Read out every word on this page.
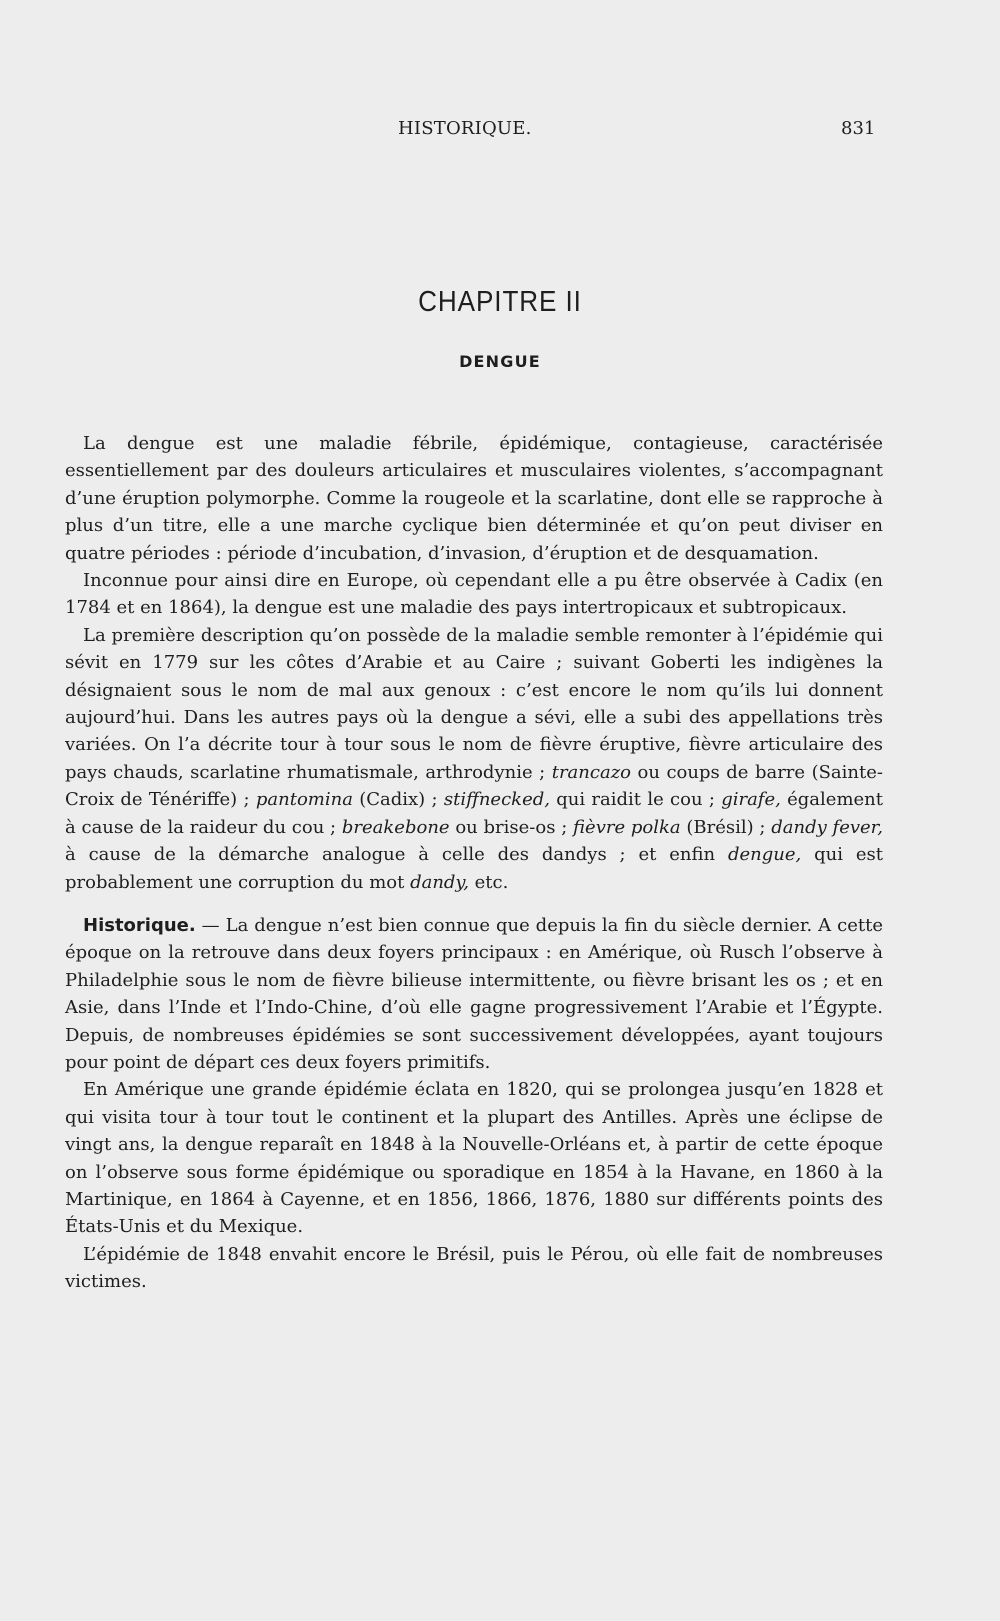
HISTORIQUE.	831
CHAPITRE II
DENGUE

La dengue est une maladie fébrile, épidémique, contagieuse, caractérisée essentiellement par des douleurs articulaires et musculaires violentes, s’accompagnant d’une éruption polymorphe. Comme la rougeole et la scarlatine, dont elle se rapproche à plus d’un titre, elle a une marche cyclique bien déterminée et qu’on peut diviser en quatre périodes : période d’incubation, d’invasion, d’éruption et de desquamation.

Inconnue pour ainsi dire en Europe, où cependant elle a pu être observée à Cadix (en 1784 et en 1864), la dengue est une maladie des pays intertropicaux et subtropicaux.

La première description qu’on possède de la maladie semble remonter à l’épidémie qui sévit en 1779 sur les côtes d’Arabie et au Caire ; suivant Goberti les indigènes la désignaient sous le nom de mal aux genoux : c’est encore le nom qu’ils lui donnent aujourd’hui. Dans les autres pays où la dengue a sévi, elle a subi des appellations très variées. On l’a décrite tour à tour sous le nom de fièvre éruptive, fièvre articulaire des pays chauds, scarlatine rhumatismale, arthrodynie ; trancazo ou coups de barre (Sainte-Croix de Ténériffe) ; pantomina (Cadix) ; stiffnecked, qui raidit le cou ; girafe, également à cause de la raideur du cou ; breakebone ou brise-os ; fièvre polka (Brésil) ; dandy fever, à cause de la démarche analogue à celle des dandys ; et enfin dengue, qui est probablement une corruption du mot dandy, etc.

Historique. — La dengue n’est bien connue que depuis la fin du siècle dernier. A cette époque on la retrouve dans deux foyers principaux : en Amérique, où Rusch l’observe à Philadelphie sous le nom de fièvre bilieuse intermittente, ou fièvre brisant les os ; et en Asie, dans l’Inde et l’Indo-Chine, d’où elle gagne progressivement l’Arabie et l’Égypte. Depuis, de nombreuses épidémies se sont successivement développées, ayant toujours pour point de départ ces deux foyers primitifs.

En Amérique une grande épidémie éclata en 1820, qui se prolongea jusqu’en 1828 et qui visita tour à tour tout le continent et la plupart des Antilles. Après une éclipse de vingt ans, la dengue reparaît en 1848 à la Nouvelle-Orléans et, à partir de cette époque on l’observe sous forme épidémique ou sporadique en 1854 à la Havane, en 1860 à la Martinique, en 1864 à Cayenne, et en 1856, 1866, 1876, 1880 sur différents points des États-Unis et du Mexique.

L’épidémie de 1848 envahit encore le Brésil, puis le Pérou, où elle fait de nombreuses victimes.
